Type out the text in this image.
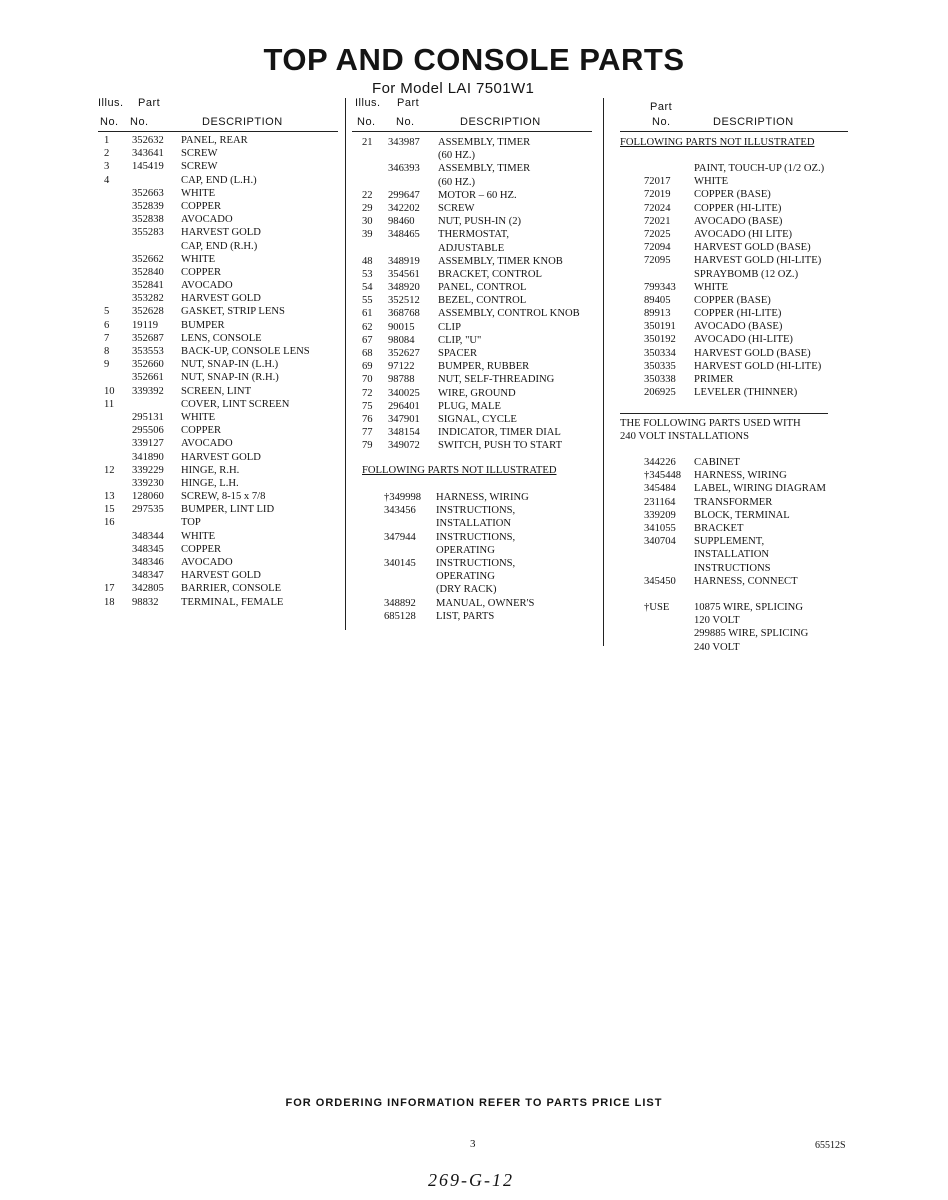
TOP AND CONSOLE PARTS
For Model LAI 7501W1
Illus. Part
No. No.	DESCRIPTION
Illus. Part
No. No.	DESCRIPTION
Part
No.	DESCRIPTION
1 352632 PANEL, REAR
2 343641 SCREW
3 145419 SCREW
4	CAP, END (L.H.)
352663 WHITE
352839 COPPER
352838 AVOCADO
355283 HARVEST GOLD
CAP, END (R.H.)
352662 WHITE
352840 COPPER
352841 AVOCADO
353282 HARVEST GOLD
5 352628 GASKET, STRIP LENS
6 19119 BUMPER
7 352687 LENS, CONSOLE
8 353553 BACK-UP, CONSOLE LENS
9 352660 NUT, SNAP-IN (L.H.)
352661 NUT, SNAP-IN (R.H.)
10 339392 SCREEN, LINT
11	COVER, LINT SCREEN
295131 WHITE
295506 COPPER
339127 AVOCADO
341890 HARVEST GOLD
12 339229 HINGE, R.H.
339230 HINGE, L.H.
13 128060 SCREW, 8-15 x 7/8
15 297535 BUMPER, LINT LID
16	TOP
348344 WHITE
348345 COPPER
348346 AVOCADO
348347 HARVEST GOLD
17 342805 BARRIER, CONSOLE
18 98832 TERMINAL, FEMALE
21 343987 ASSEMBLY, TIMER
(60 HZ.)
346393 ASSEMBLY, TIMER
(60 HZ.)
22 299647 MOTOR – 60 HZ.
29 342202 SCREW
30 98460 NUT, PUSH-IN (2)
39 348465 THERMOSTAT,
ADJUSTABLE
48 348919 ASSEMBLY, TIMER KNOB
53 354561 BRACKET, CONTROL
54 348920 PANEL, CONTROL
55 352512 BEZEL, CONTROL
61 368768 ASSEMBLY, CONTROL KNOB
62 90015 CLIP
67 98084 CLIP, "U"
68 352627 SPACER
69 97122 BUMPER, RUBBER
70 98788 NUT, SELF-THREADING
72 340025 WIRE, GROUND
75 296401 PLUG, MALE
76 347901 SIGNAL, CYCLE
77 348154 INDICATOR, TIMER DIAL
79 349072 SWITCH, PUSH TO START
FOLLOWING PARTS NOT ILLUSTRATED
†349998 HARNESS, WIRING
343456 INSTRUCTIONS,
INSTALLATION
347944 INSTRUCTIONS,
OPERATING
340145 INSTRUCTIONS,
OPERATING
(DRY RACK)
348892 MANUAL, OWNER'S
685128 LIST, PARTS
FOLLOWING PARTS NOT ILLUSTRATED
PAINT, TOUCH-UP (1/2 OZ.)
72017 WHITE
72019 COPPER (BASE)
72024 COPPER (HI-LITE)
72021 AVOCADO (BASE)
72025 AVOCADO (HI LITE)
72094 HARVEST GOLD (BASE)
72095 HARVEST GOLD (HI-LITE)
SPRAYBOMB (12 OZ.)
799343 WHITE
89405 COPPER (BASE)
89913 COPPER (HI-LITE)
350191 AVOCADO (BASE)
350192 AVOCADO (HI-LITE)
350334 HARVEST GOLD (BASE)
350335 HARVEST GOLD (HI-LITE)
350338 PRIMER
206925 LEVELER (THINNER)
THE FOLLOWING PARTS USED WITH
240 VOLT INSTALLATIONS
344226 CABINET
†345448 HARNESS, WIRING
345484 LABEL, WIRING DIAGRAM
231164 TRANSFORMER
339209 BLOCK, TERMINAL
341055 BRACKET
340704 SUPPLEMENT,
INSTALLATION
INSTRUCTIONS
345450 HARNESS, CONNECT
†USE 10875 WIRE, SPLICING
120 VOLT
299885 WIRE, SPLICING
240 VOLT
FOR ORDERING INFORMATION REFER TO PARTS PRICE LIST
3	65512S
269-G-12
